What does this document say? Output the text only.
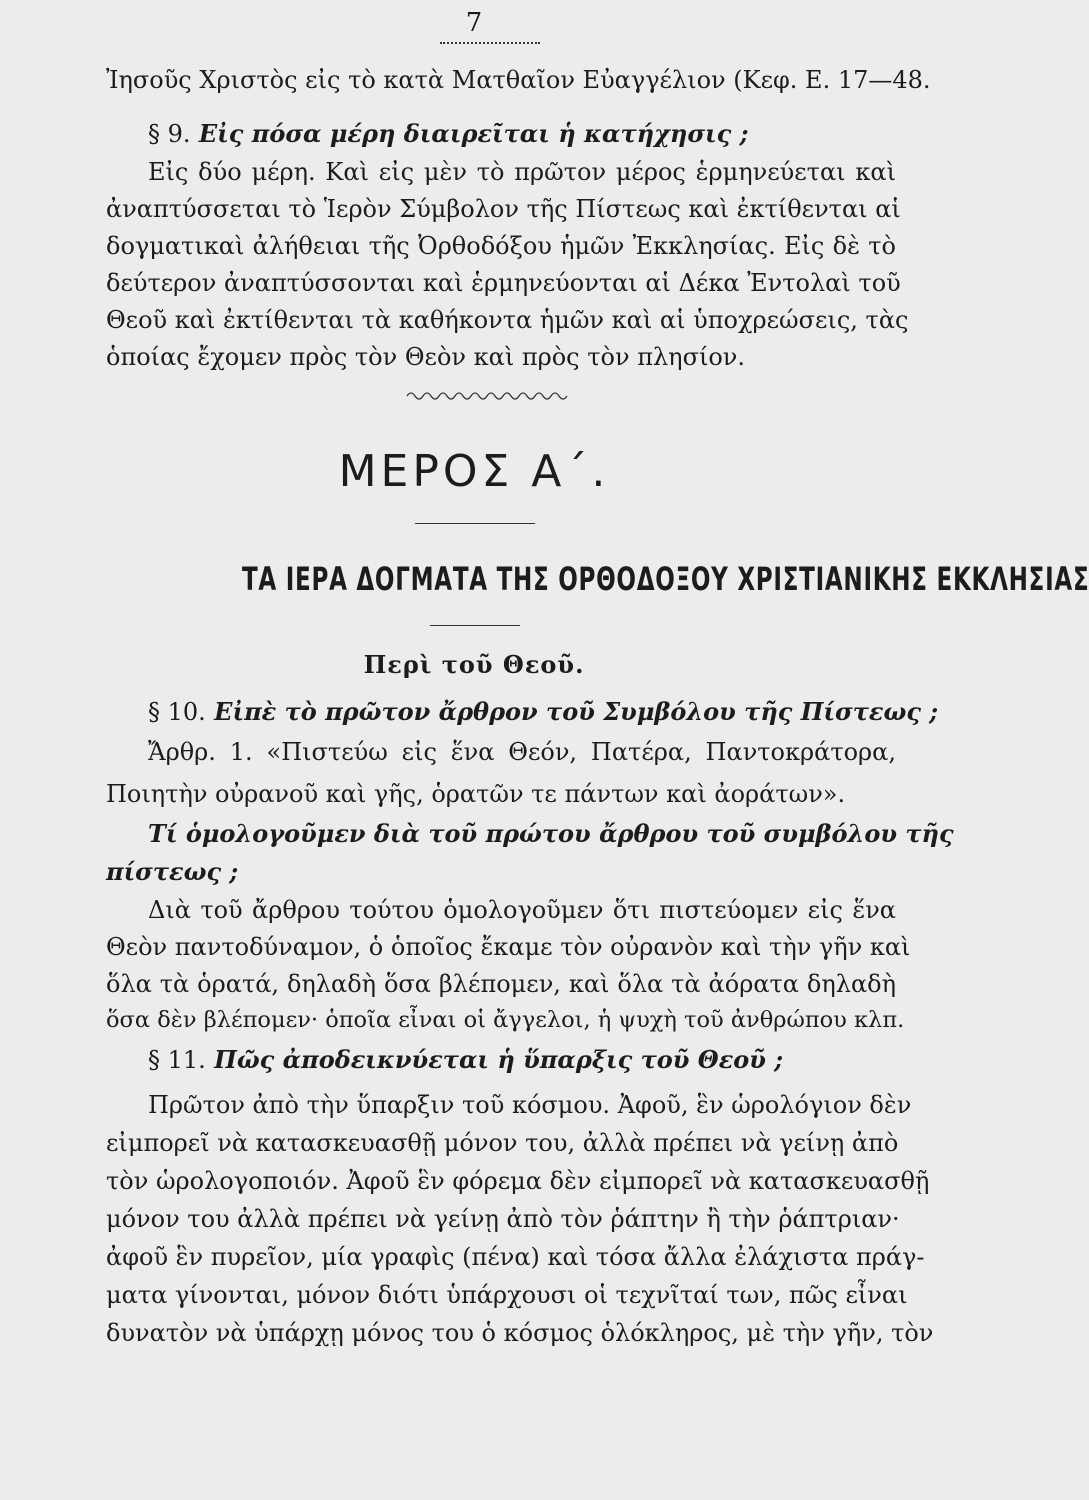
7
Ἰησοῦς Χριστὸς εἰς τὸ κατὰ Ματθαῖον Εὐαγγέλιον (Κεφ. Ε. 17—48.
§ 9. Εἰς πόσα μέρη διαιρεῖται ἡ κατήχησις ;
Εἰς δύο μέρη. Καὶ εἰς μὲν τὸ πρῶτον μέρος ἑρμηνεύεται καὶ
ἀναπτύσσεται τὸ Ἱερὸν Σύμβολον τῆς Πίστεως καὶ ἐκτίθενται αἱ
δογματικαὶ ἀλήθειαι τῆς Ὀρθοδόξου ἡμῶν Ἐκκλησίας. Εἰς δὲ τὸ
δεύτερον ἀναπτύσσονται καὶ ἑρμηνεύονται αἱ Δέκα Ἐντολαὶ τοῦ
Θεοῦ καὶ ἐκτίθενται τὰ καθήκοντα ἡμῶν καὶ αἱ ὑποχρεώσεις, τὰς
ὁποίας ἔχομεν πρὸς τὸν Θεὸν καὶ πρὸς τὸν πλησίον.
ΜΕΡΟΣ Α΄.
ΤΑ ΙΕΡΑ ΔΟΓΜΑΤΑ ΤΗΣ ΟΡΘΟΔΟΞΟΥ ΧΡΙΣΤΙΑΝΙΚΗΣ ΕΚΚΛΗΣΙΑΣ
Περὶ τοῦ Θεοῦ.
§ 10. Εἰπὲ τὸ πρῶτον ἄρθρον τοῦ Συμβόλου τῆς Πίστεως ;
Ἄρθρ. 1. «Πιστεύω εἰς ἕνα Θεόν, Πατέρα, Παντοκράτορα,
Ποιητὴν οὐρανοῦ καὶ γῆς, ὁρατῶν τε πάντων καὶ ἀοράτων».
Τί ὁμολογοῦμεν διὰ τοῦ πρώτου ἄρθρου τοῦ συμβόλου τῆς
πίστεως ;
Διὰ τοῦ ἄρθρου τούτου ὁμολογοῦμεν ὅτι πιστεύομεν εἰς ἕνα
Θεὸν παντοδύναμον, ὁ ὁποῖος ἔκαμε τὸν οὐρανὸν καὶ τὴν γῆν καὶ
ὅλα τὰ ὁρατά, δηλαδὴ ὅσα βλέπομεν, καὶ ὅλα τὰ ἀόρατα δηλαδὴ
ὅσα δὲν βλέπομεν· ὁποῖα εἶναι οἱ ἄγγελοι, ἡ ψυχὴ τοῦ ἀνθρώπου κλπ.
§ 11. Πῶς ἀποδεικνύεται ἡ ὕπαρξις τοῦ Θεοῦ ;
Πρῶτον ἀπὸ τὴν ὕπαρξιν τοῦ κόσμου. Ἀφοῦ, ἓν ὡρολόγιον δὲν
εἰμπορεῖ νὰ κατασκευασθῇ μόνον του, ἀλλὰ πρέπει νὰ γείνῃ ἀπὸ
τὸν ὡρολογοποιόν. Ἀφοῦ ἓν φόρεμα δὲν εἰμπορεῖ νὰ κατασκευασθῇ
μόνον του ἀλλὰ πρέπει νὰ γείνῃ ἀπὸ τὸν ῥάπτην ἢ τὴν ῥάπτριαν·
ἀφοῦ ἓν πυρεῖον, μία γραφὶς (πένα) καὶ τόσα ἄλλα ἐλάχιστα πράγ-
ματα γίνονται, μόνον διότι ὑπάρχουσι οἱ τεχνῖταί των, πῶς εἶναι
δυνατὸν νὰ ὑπάρχῃ μόνος του ὁ κόσμος ὁλόκληρος, μὲ τὴν γῆν, τὸν
